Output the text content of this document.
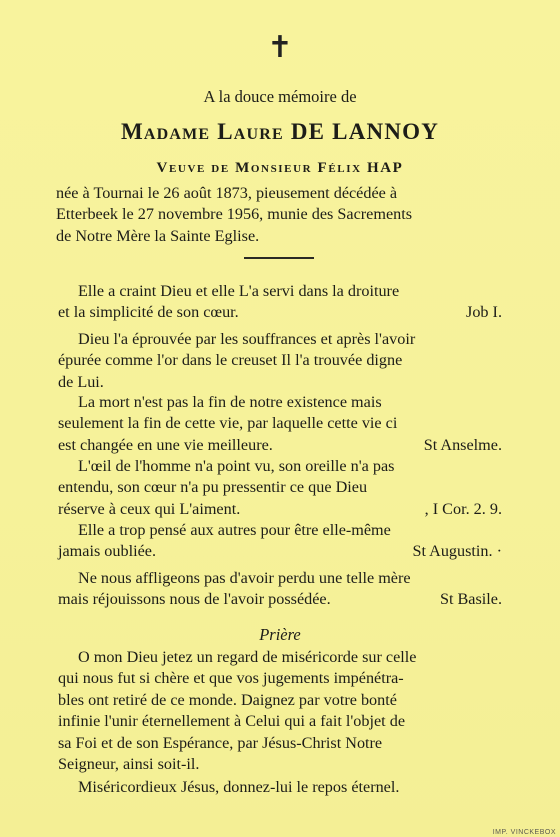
✝
A la douce mémoire de
Madame Laure DE LANNOY
Veuve de Monsieur Félix HAP
née à Tournai le 26 août 1873, pieusement décédée à
Etterbeek le 27 novembre 1956, munie des Sacrements
de Notre Mère la Sainte Eglise.
Elle a craint Dieu et elle L'a servi dans la droiture
et la simplicité de son cœur.	Job I.
Dieu l'a éprouvée par les souffrances et après l'avoir
épurée comme l'or dans le creuset Il l'a trouvée digne
de Lui.
La mort n'est pas la fin de notre existence mais
seulement la fin de cette vie, par laquelle cette vie ci
est changée en une vie meilleure.	St Anselme.
L'œil de l'homme n'a point vu, son oreille n'a pas
entendu, son cœur n'a pu pressentir ce que Dieu
réserve à ceux qui L'aiment.	, I Cor. 2. 9.
Elle a trop pensé aux autres pour être elle-même
jamais oubliée.	St Augustin. ·
Ne nous affligeons pas d'avoir perdu une telle mère
mais réjouissons nous de l'avoir possédée.	St Basile.
Prière
O mon Dieu jetez un regard de miséricorde sur celle
qui nous fut si chère et que vos jugements impénétra-
bles ont retiré de ce monde. Daignez par votre bonté
infinie l'unir éternellement à Celui qui a fait l'objet de
sa Foi et de son Espérance, par Jésus-Christ Notre
Seigneur, ainsi soit-il.
Miséricordieux Jésus, donnez-lui le repos éternel.
IMP. VINCKEBOX
